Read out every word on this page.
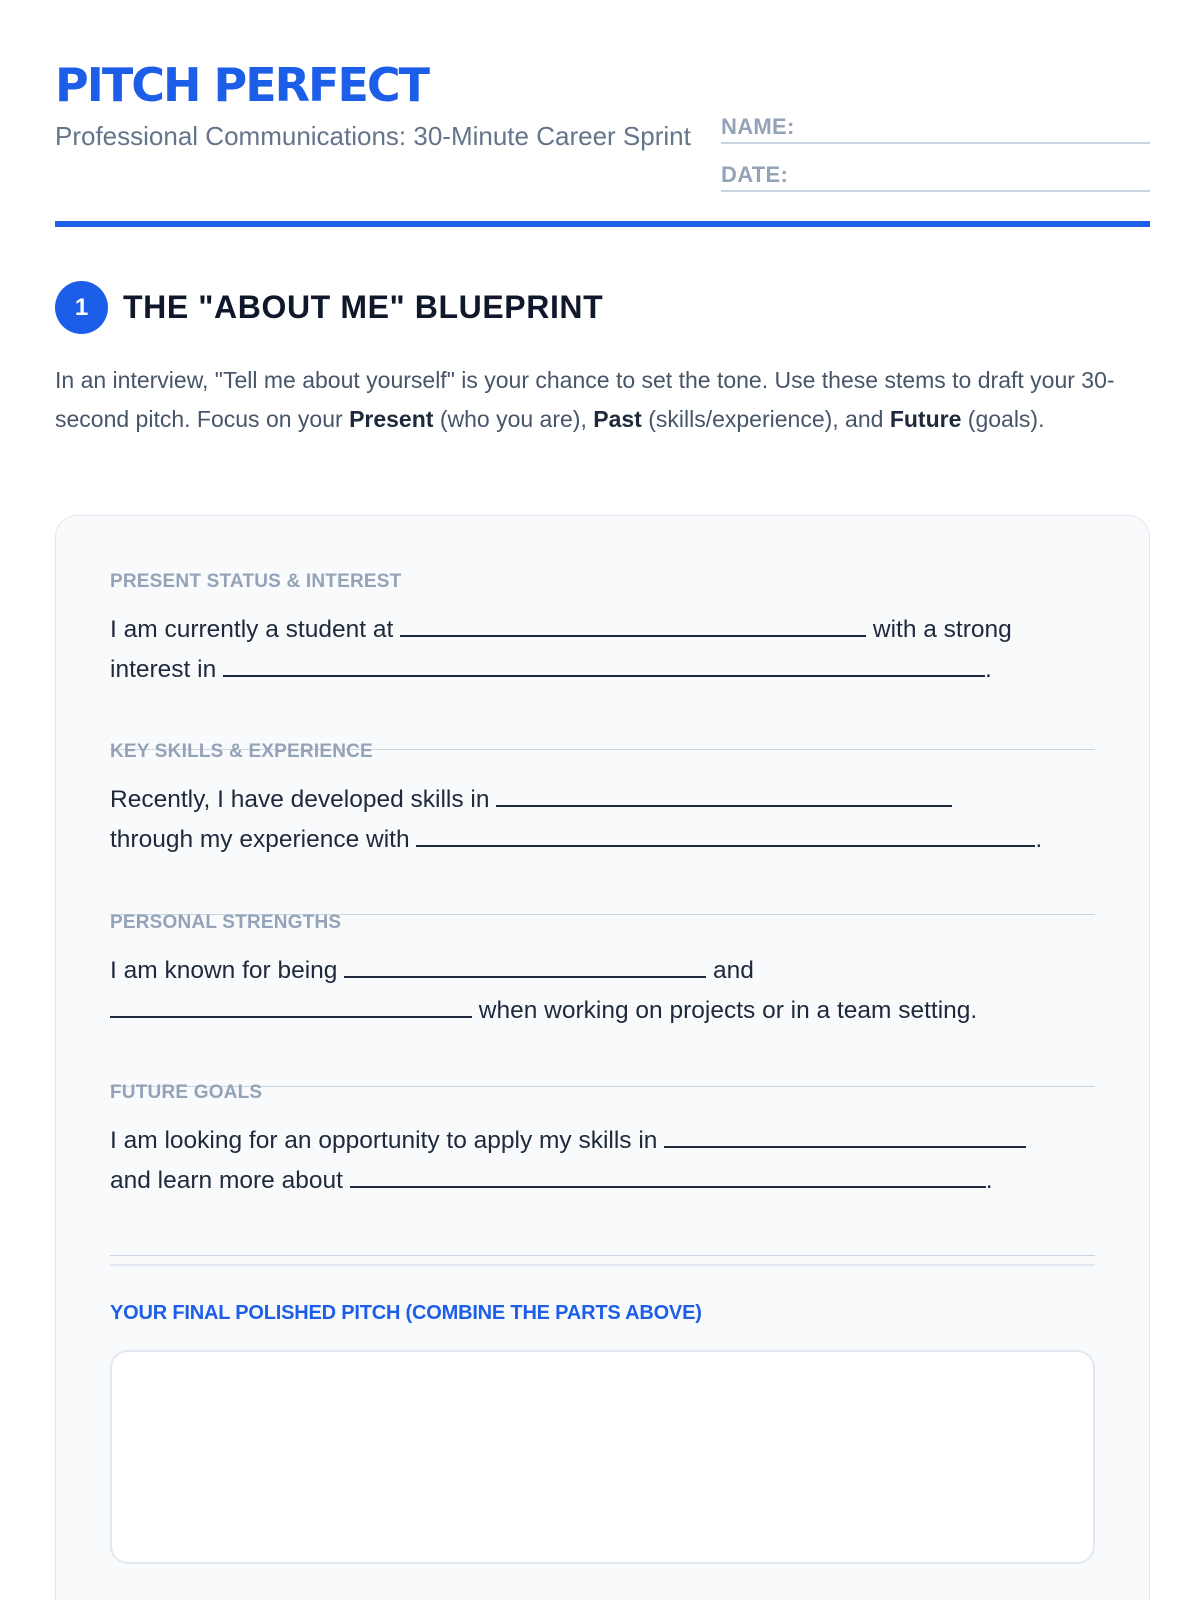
PITCH PERFECT
Professional Communications: 30-Minute Career Sprint NAME:
DATE:
1	THE "ABOUT ME" BLUEPRINT

In an interview, "Tell me about yourself" is your chance to set the tone. Use these stems to draft your 30-second pitch. Focus on your Present (who you are), Past (skills/experience), and Future (goals).

PRESENT STATUS & INTEREST
I am currently a student at	with a strong
interest in	.
KEY SKILLS & EXPERIENCE
Recently, I have developed skills in
through my experience with	.
PERSONAL STRENGTHS
I am known for being	and
when working on projects or in a team setting.
FUTURE GOALS
I am looking for an opportunity to apply my skills in
and learn more about	.
YOUR FINAL POLISHED PITCH (COMBINE THE PARTS ABOVE)
